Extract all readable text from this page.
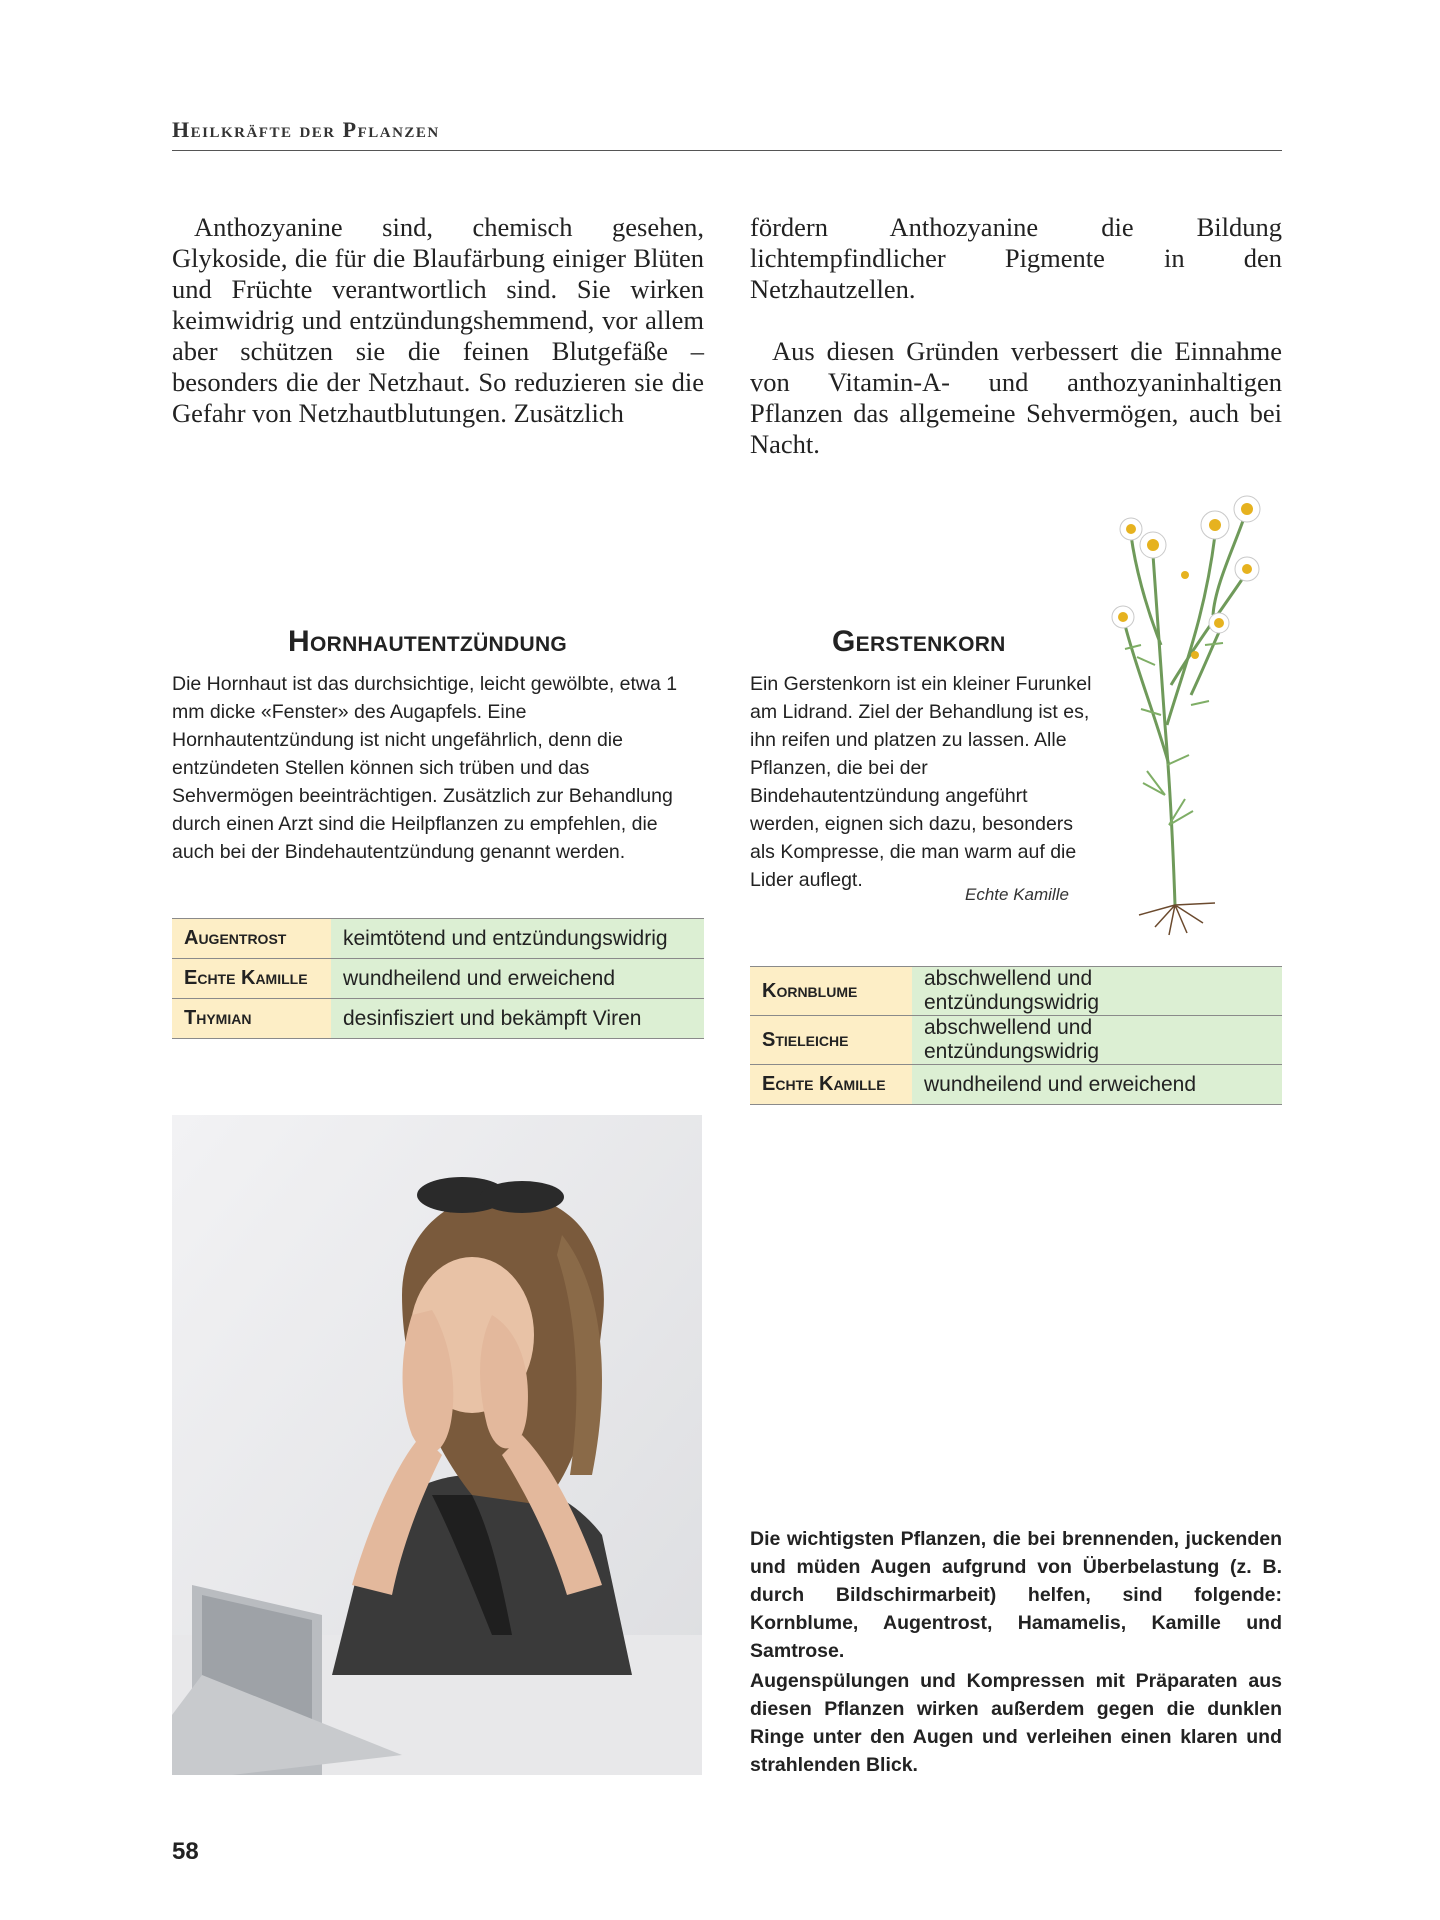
Heilkräfte der Pflanzen

Anthozyanine sind, chemisch gesehen, Glykoside, die für die Blaufärbung einiger Blüten und Früchte verantwortlich sind. Sie wirken keimwidrig und entzündungshemmend, vor allem aber schützen sie die feinen Blutgefäße – besonders die der Netzhaut. So reduzieren sie die Gefahr von Netzhautblutungen. Zusätzlich

fördern Anthozyanine die Bildung lichtempfindlicher Pigmente in den Netzhautzellen.

Aus diesen Gründen verbessert die Einnahme von Vitamin-A- und anthozyaninhaltigen Pflanzen das allgemeine Sehvermögen, auch bei Nacht.

Hornhautentzündung

Die Hornhaut ist das durchsichtige, leicht gewölbte, etwa 1 mm dicke «Fenster» des Augapfels. Eine Hornhautentzündung ist nicht ungefährlich, denn die entzündeten Stellen können sich trüben und das Sehvermögen beeinträchtigen. Zusätzlich zur Behandlung durch einen Arzt sind die Heilpflanzen zu empfehlen, die auch bei der Bindehautentzündung genannt werden.

Augentrost	keimtötend und entzündungswidrig
Echte Kamille	wundheilend und erweichend
Thymian	desinfisziert und bekämpft Viren
Gerstenkorn

Ein Gerstenkorn ist ein kleiner Furunkel am Lidrand. Ziel der Behandlung ist es, ihn reifen und platzen zu lassen. Alle Pflanzen, die bei der Bindehautentzündung angeführt werden, eignen sich dazu, besonders als Kompresse, die man warm auf die Lider auflegt.

Echte Kamille
Kornblume	abschwellend und entzündungswidrig
Stieleiche	abschwellend und entzündungswidrig
Echte Kamille	wundheilend und erweichend

Die wichtigsten Pflanzen, die bei brennenden, juckenden und müden Augen aufgrund von Überbelastung (z. B. durch Bildschirmarbeit) helfen, sind folgende: Kornblume, Augentrost, Hamamelis, Kamille und Samtrose.

Augenspülungen und Kompressen mit Präparaten aus diesen Pflanzen wirken außerdem gegen die dunklen Ringe unter den Augen und verleihen einen klaren und strahlenden Blick.

58
